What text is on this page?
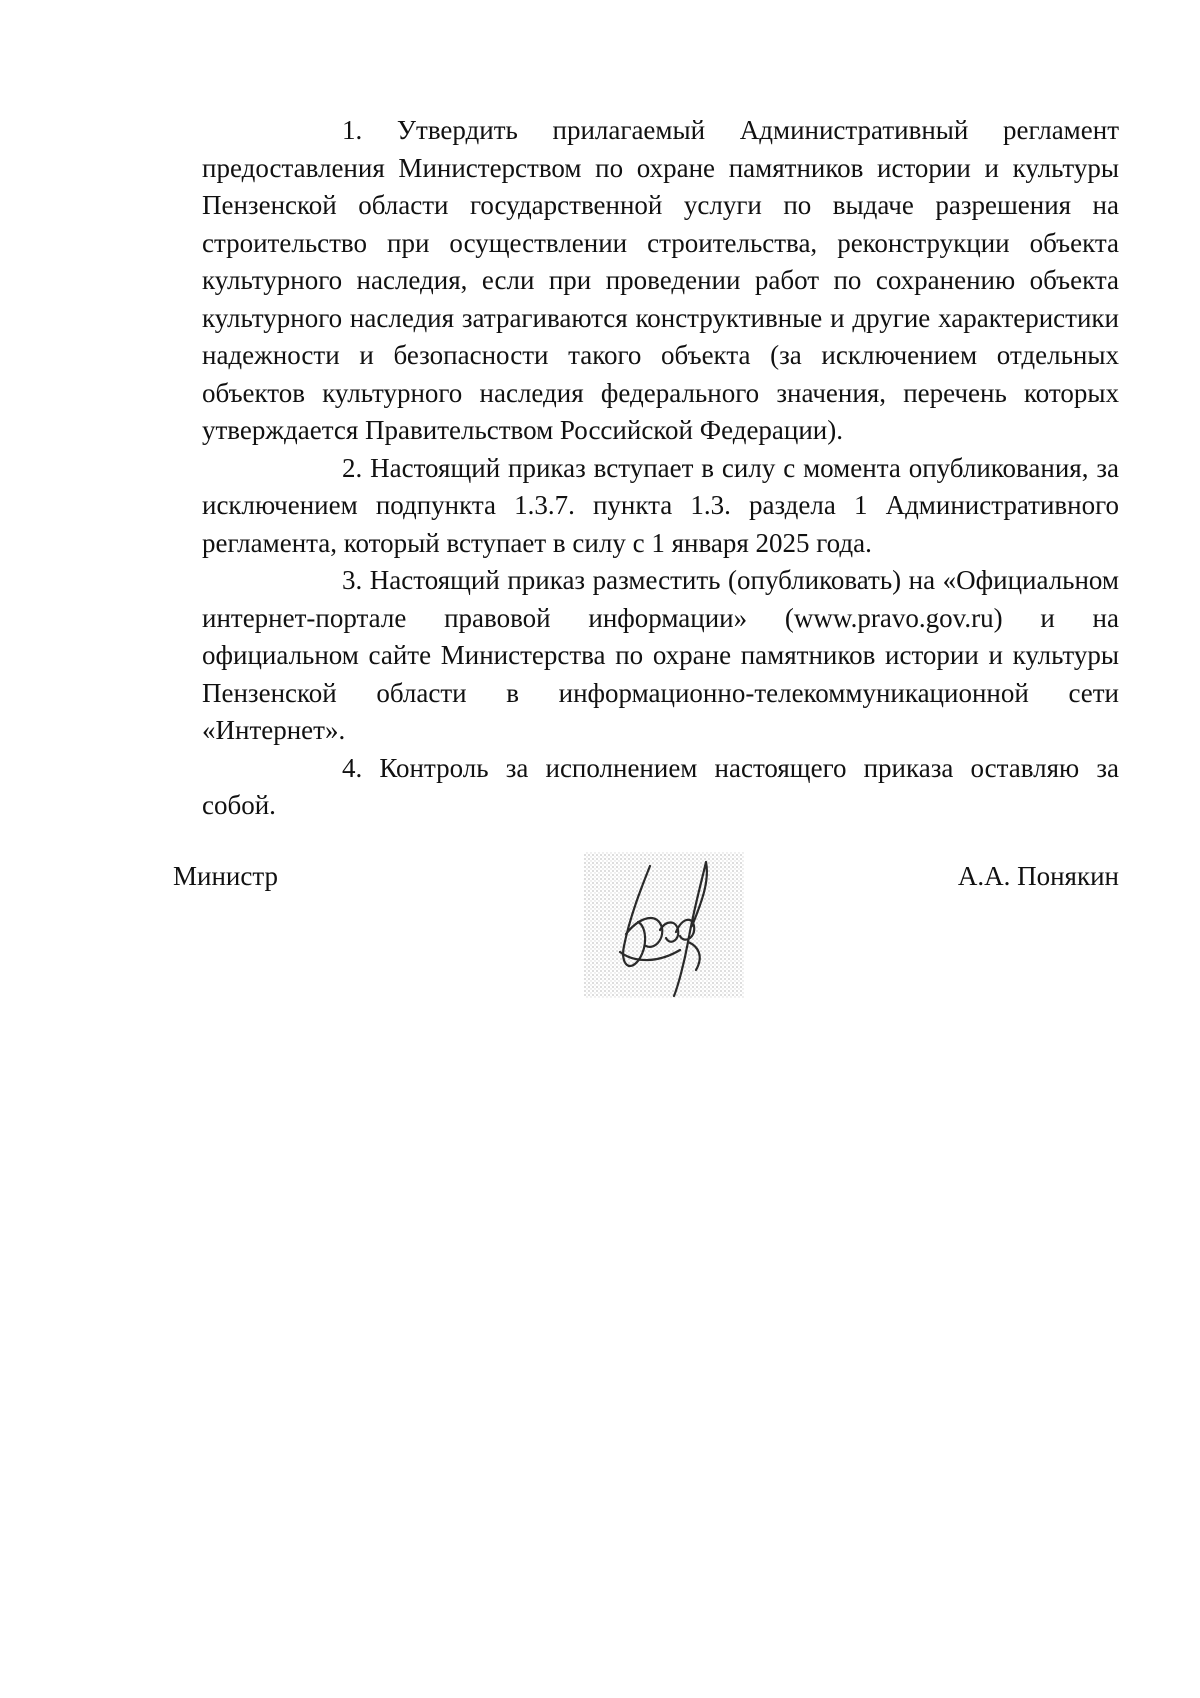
1. Утвердить прилагаемый Административный регламент предоставления Министерством по охране памятников истории и культуры Пензенской области государственной услуги по выдаче разрешения на строительство при осуществлении строительства, реконструкции объекта культурного наследия, если при проведении работ по сохранению объекта культурного наследия затрагиваются конструктивные и другие характеристики надежности и безопасности такого объекта (за исключением отдельных объектов культурного наследия федерального значения, перечень которых утверждается Правительством Российской Федерации).

2. Настоящий приказ вступает в силу с момента опубликования, за исключением подпункта 1.3.7. пункта 1.3. раздела 1 Административного регламента, который вступает в силу с 1 января 2025 года.

3. Настоящий приказ разместить (опубликовать) на «Официальном интернет-портале правовой информации» (www.pravo.gov.ru) и на официальном сайте Министерства по охране памятников истории и культуры Пензенской области в информационно-телекоммуникационной сети «Интернет».

4. Контроль за исполнением настоящего приказа оставляю за собой.

Министр	А.А. Понякин
